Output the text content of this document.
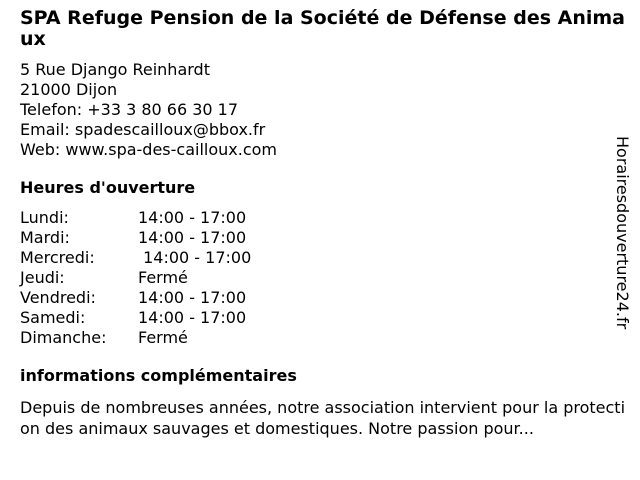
SPA Refuge Pension de la Société de Défense des Animaux
5 Rue Django Reinhardt
21000 Dijon
Telefon: +33 3 80 66 30 17
Email: spadescailloux@bbox.fr
Web: www.spa-des-cailloux.com
Heures d'ouverture
Lundi:	14:00 - 17:00
Mardi:	14:00 - 17:00
Mercredi:	14:00 - 17:00
Jeudi:	Fermé
Vendredi:	14:00 - 17:00
Samedi:	14:00 - 17:00
Dimanche:	Fermé
informations complémentaires
Depuis de nombreuses années, notre association intervient pour la protection des animaux sauvages et domestiques. Notre passion pour...
Horairesdouverture24.fr
